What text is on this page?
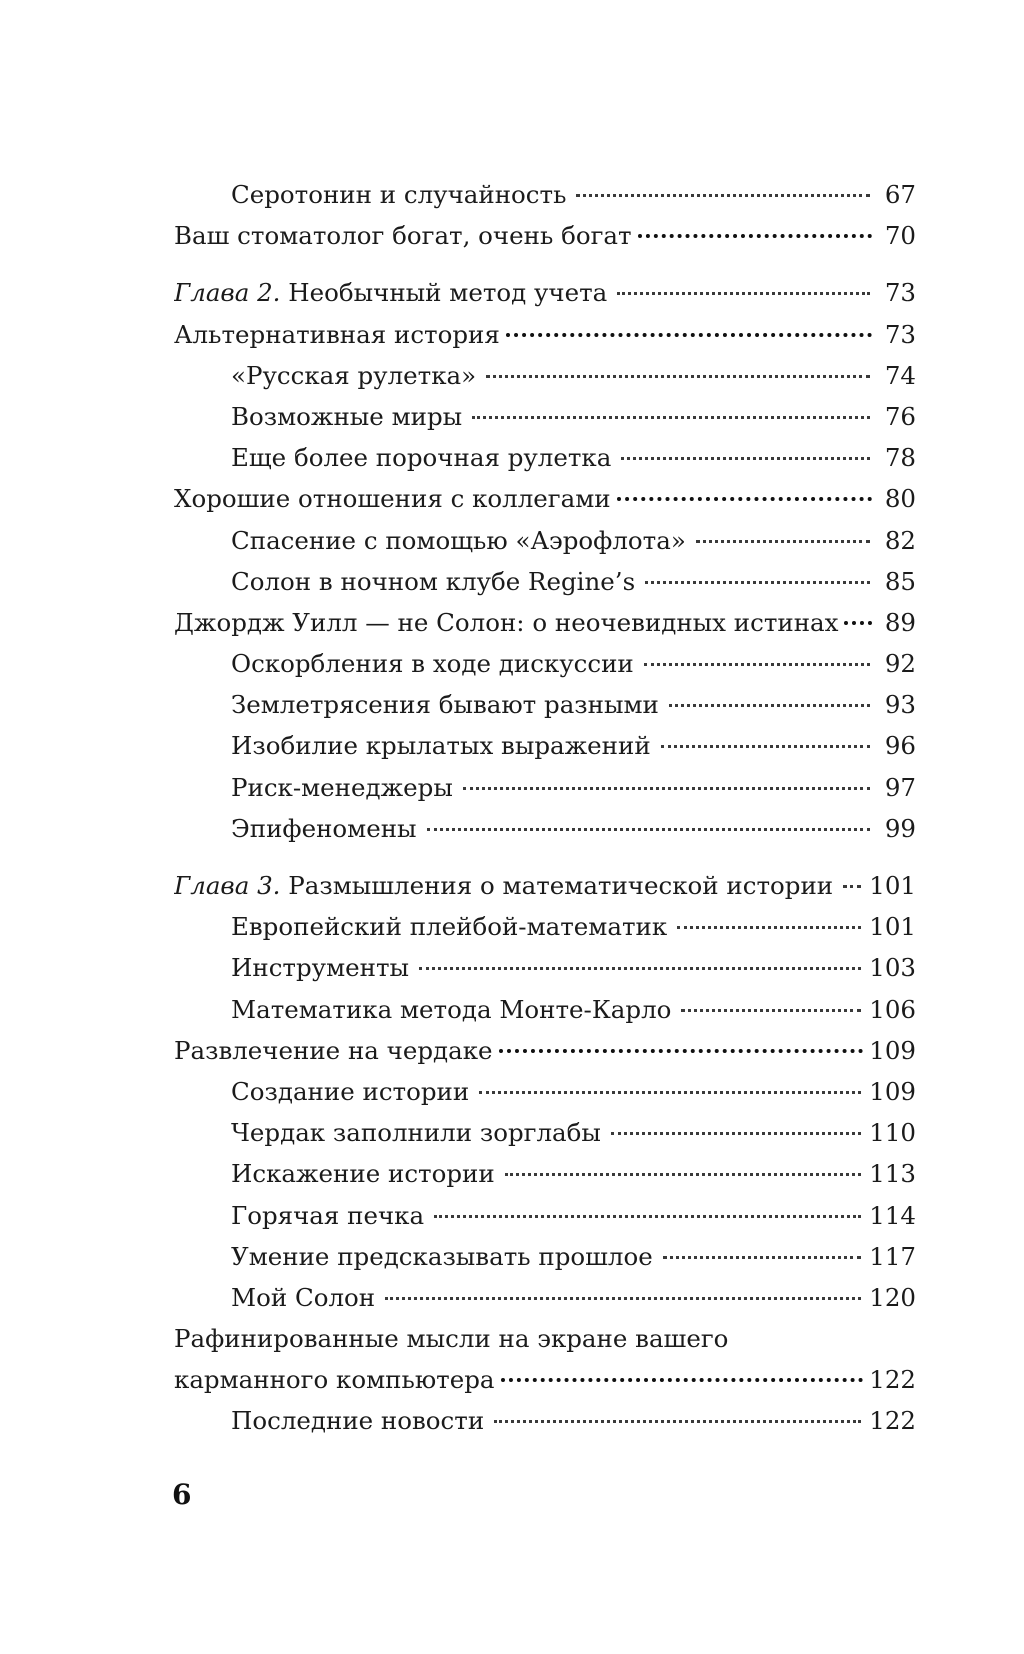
Серотонин и случайность	67
Ваш стоматолог богат, очень богат	70
Глава 2. Необычный метод учета	73
Альтернативная история	73
«Русская рулетка»	74
Возможные миры	76
Еще более порочная рулетка	78
Хорошие отношения с коллегами	80
Спасение с помощью «Аэрофлота»	82
Солон в ночном клубе Regine’s	85
Джордж Уилл — не Солон: о неочевидных истинах 89
Оскорбления в ходе дискуссии	92
Землетрясения бывают разными	93
Изобилие крылатых выражений	96
Риск-менеджеры	97
Эпифеномены	99
Глава 3. Размышления о математической истории 101
Европейский плейбой-математик	101
Инструменты	103
Математика метода Монте-Карло	106
Развлечение на чердаке	109
Создание истории	109
Чердак заполнили зорглабы	110
Искажение истории	113
Горячая печка	114
Умение предсказывать прошлое	117
Мой Солон	120
Рафинированные мысли на экране вашего
карманного компьютера	122
Последние новости	122
6
